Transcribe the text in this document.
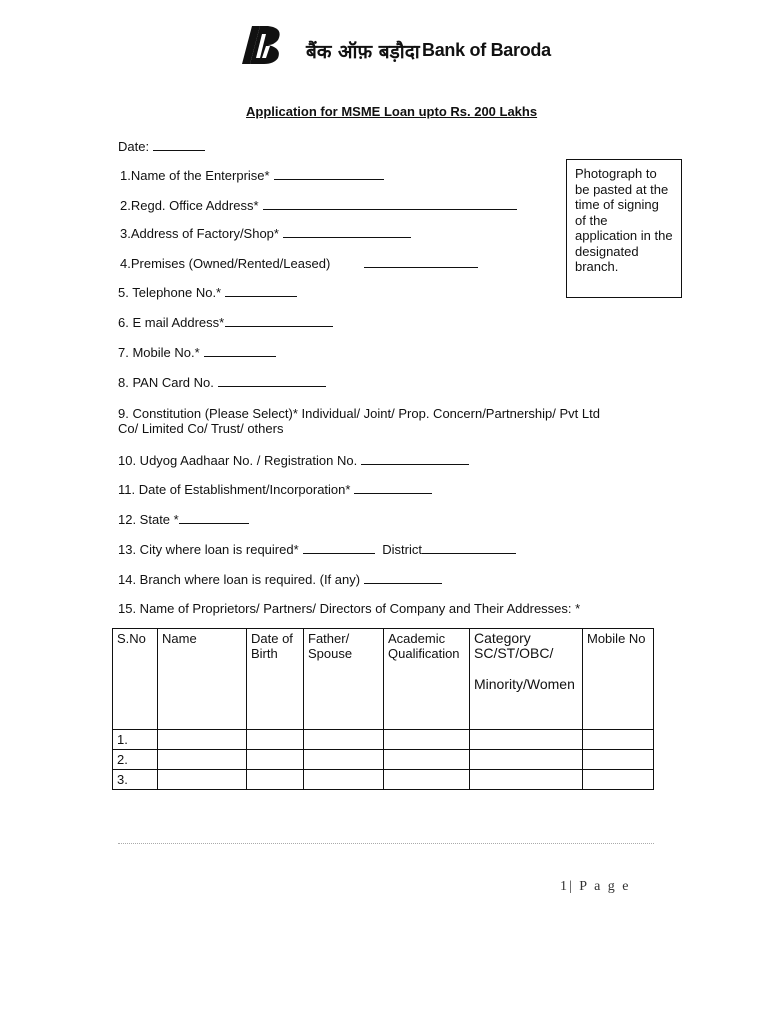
बैंक ऑफ़ बड़ौदा Bank of Baroda
Application for MSME Loan upto Rs. 200 Lakhs
Date:
1.Name of the Enterprise*
2.Regd. Office Address*
3.Address of Factory/Shop*
4.Premises (Owned/Rented/Leased)
Photograph to
be pasted at the
time of signing
of the
application in the
designated
branch.
5. Telephone No.*
6. E mail Address*
7. Mobile No.*
8. PAN Card No.
9. Constitution (Please Select)* Individual/ Joint/ Prop. Concern/Partnership/ Pvt Ltd
Co/ Limited Co/ Trust/ others
10. Udyog Aadhaar No. / Registration No.
11. Date of Establishment/Incorporation*
12. State *
13. City where loan is required*	District
14. Branch where loan is required. (If any)
15. Name of Proprietors/ Partners/ Directors of Company and Their Addresses: *
S.No	Name	Date of Birth	Father/ Spouse	Academic Qualification	Category
SC/ST/OBC/
Minority/Women	Mobile No
1.						
2.						
3.						
1| P a g e
